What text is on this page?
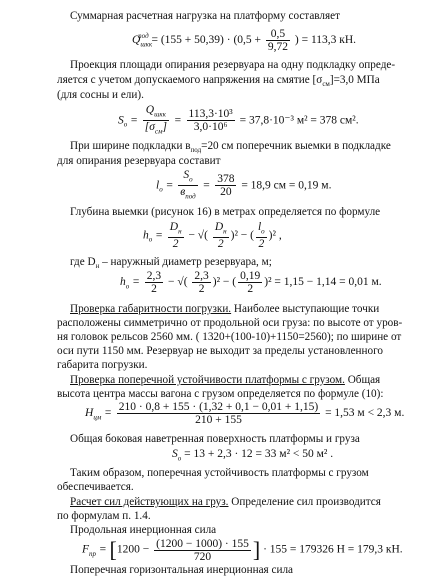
Суммарная расчетная нагрузка на платформу составляет
$Q_{шкк}^{под} = (155 + 50,39) \cdot (0,5 + \frac{0,5}{9,72}$ ) = 113,3 кН.
Проекция площади опирания резервуара на одну подкладку опреде-
ляется с учетом допускаемого напряжения на смятие $[\sigma_{см}]=3,0$ МПа
(для сосны и ели).
$S_о = \frac{Q_{шкк}}{[\sigma_{см}]} = \frac{\text{113,3·10³}}{\text{3,0·10⁶}} = 37,8\cdot 10^{-3}$ м² = 378 см².
При ширине подкладки $в_{под}=20$ см поперечник выемки в подкладке
для опирания резервуара составит
$l_о = \frac{S_о}{в_{под}} = \frac{378}{20} = 18,9$ см = 0,19 м.
Глубина выемки (рисунок 16) в метрах определяется по формуле
$h_о = \frac{D_н}{2}$ − √( $\frac{D_н}{2} )^2$ − ( $\frac{l_о}{2} )^2$ ,
где $D_н$ – наружный диаметр резервуара, м;
$h_о = \frac{2,3}{2}$ − √( $\frac{2,3}{2} )^2$ − ( $\frac{0,19}{2} )^2 = 1,15 - 1,14 = 0,01$ м.
Проверка габаритности погрузки. Наиболее выступающие точки
расположены симметрично от продольной оси груза: по высоте от уров-
ня головок рельсов 2560 мм. ( 1320+(100-10)+1150=2560); по ширине от
оси пути 1150 мм. Резервуар не выходит за пределы установленного
габарита погрузки.
Проверка поперечной устойчивости платформы с грузом. Общая
высота центра массы вагона с грузом определяется по формуле (10):
$H_{цм} = \frac{210 \cdot 0,8 + 155 \cdot (1,32 + 0,1 - 0,01 + 1,15)}{210 + 155} = 1,53$ м < 2,3 м.
Общая боковая наветренная поверхность платформы и груза
$S_о = 13 + 2,3 \cdot 12 = 33$ м² < 50 м² .
Таким образом, поперечная устойчивость платформы с грузом
обеспечивается.
Расчет сил действующих на груз. Определение сил производится
по формулам п. 1.4.
Продольная инерционная сила
$F_{пр} = [1200 - \frac{(1200 - 1000) \cdot 155}{720}$ ] · 155 = 179326 Н = 179,3 кН.
Поперечная горизонтальная инерционная сила
